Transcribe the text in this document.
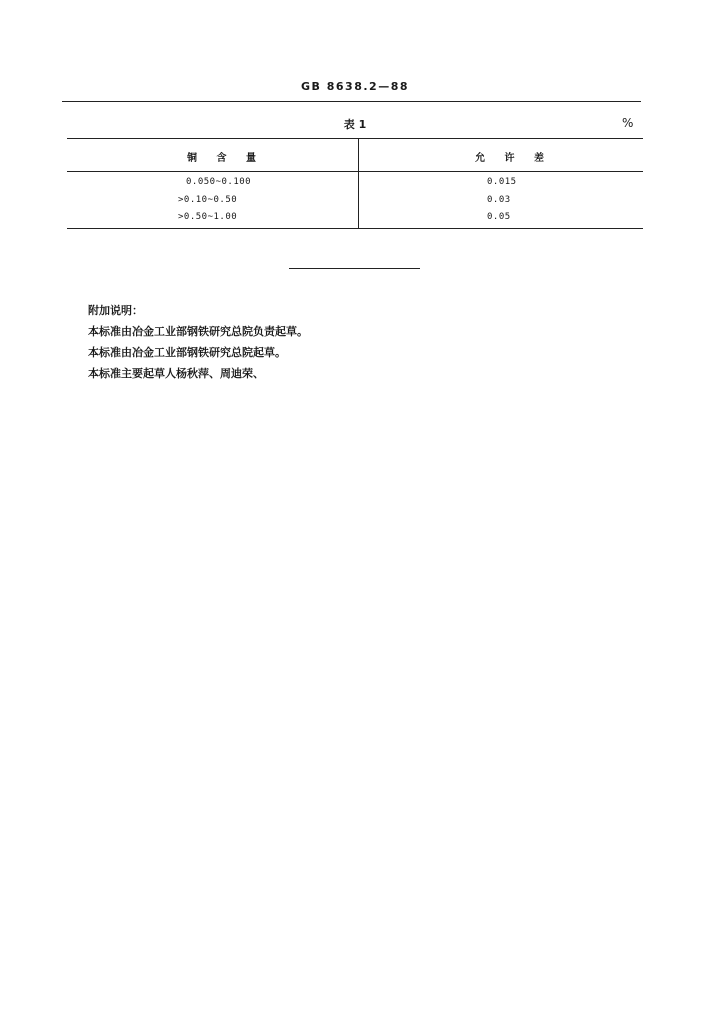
GB 8638.2—88
表 1	%
铜 含 量	允 许 差
0.050~0.100	0.015
>0.10~0.50	0.03
>0.50~1.00	0.05
附加说明：
本标准由冶金工业部钢铁研究总院负责起草。
本标准由冶金工业部钢铁研究总院起草。
本标准主要起草人杨秋萍、周迪荣、
